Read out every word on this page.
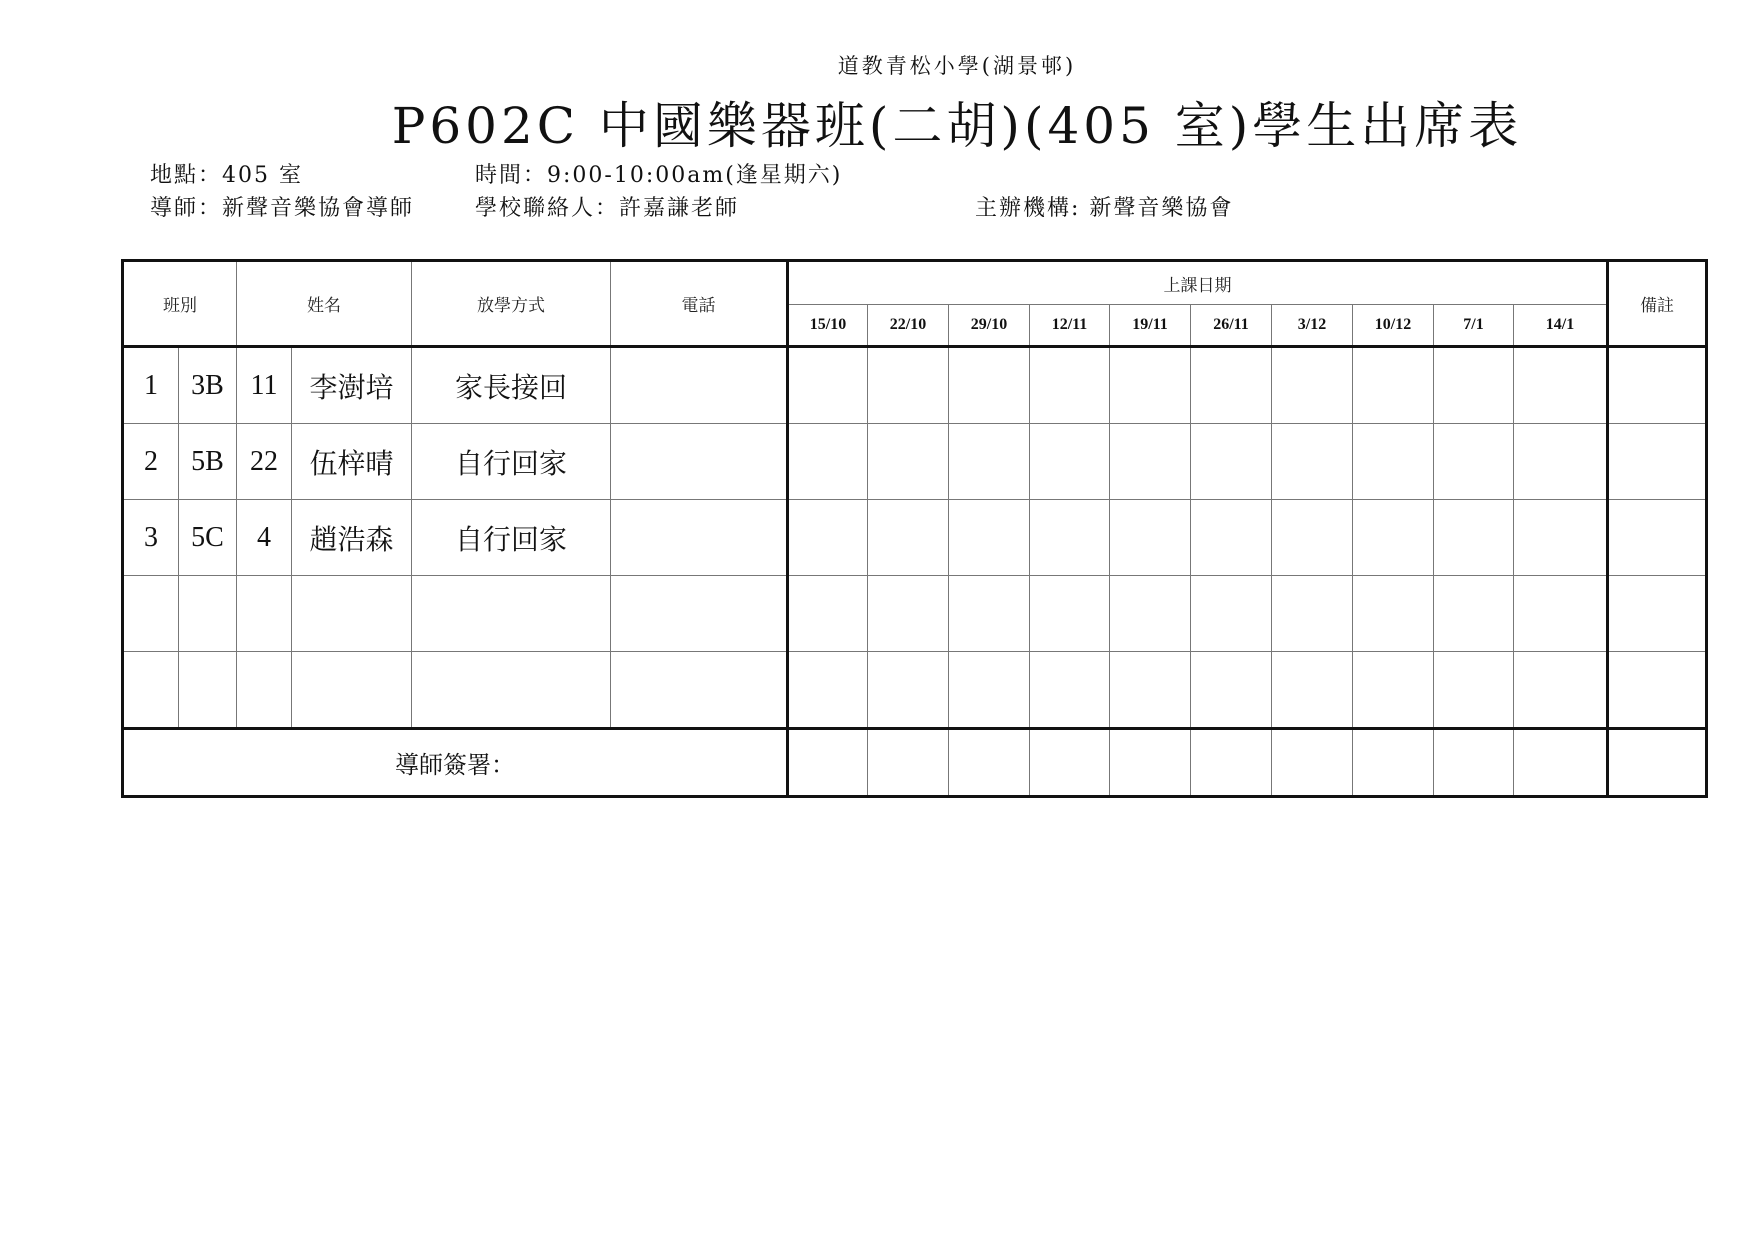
道教青松小學(湖景邨)
P602C 中國樂器班(二胡)(405 室)學生出席表
地點：405 室	時間：9:00-10:00am(逢星期六)
導師：新聲音樂協會導師	學校聯絡人：許嘉謙老師	主辦機構: 新聲音樂協會
班別		姓名		放學方式	電話	上課日期										備註
						15/10	22/10	29/10	12/11	19/11	26/11	3/12	10/12	7/1	14/1	
1	3B	11	李澍培	家長接回												
2	5B	22	伍梓晴	自行回家												
3	5C	4	趙浩森	自行回家												

導師簽署：																
